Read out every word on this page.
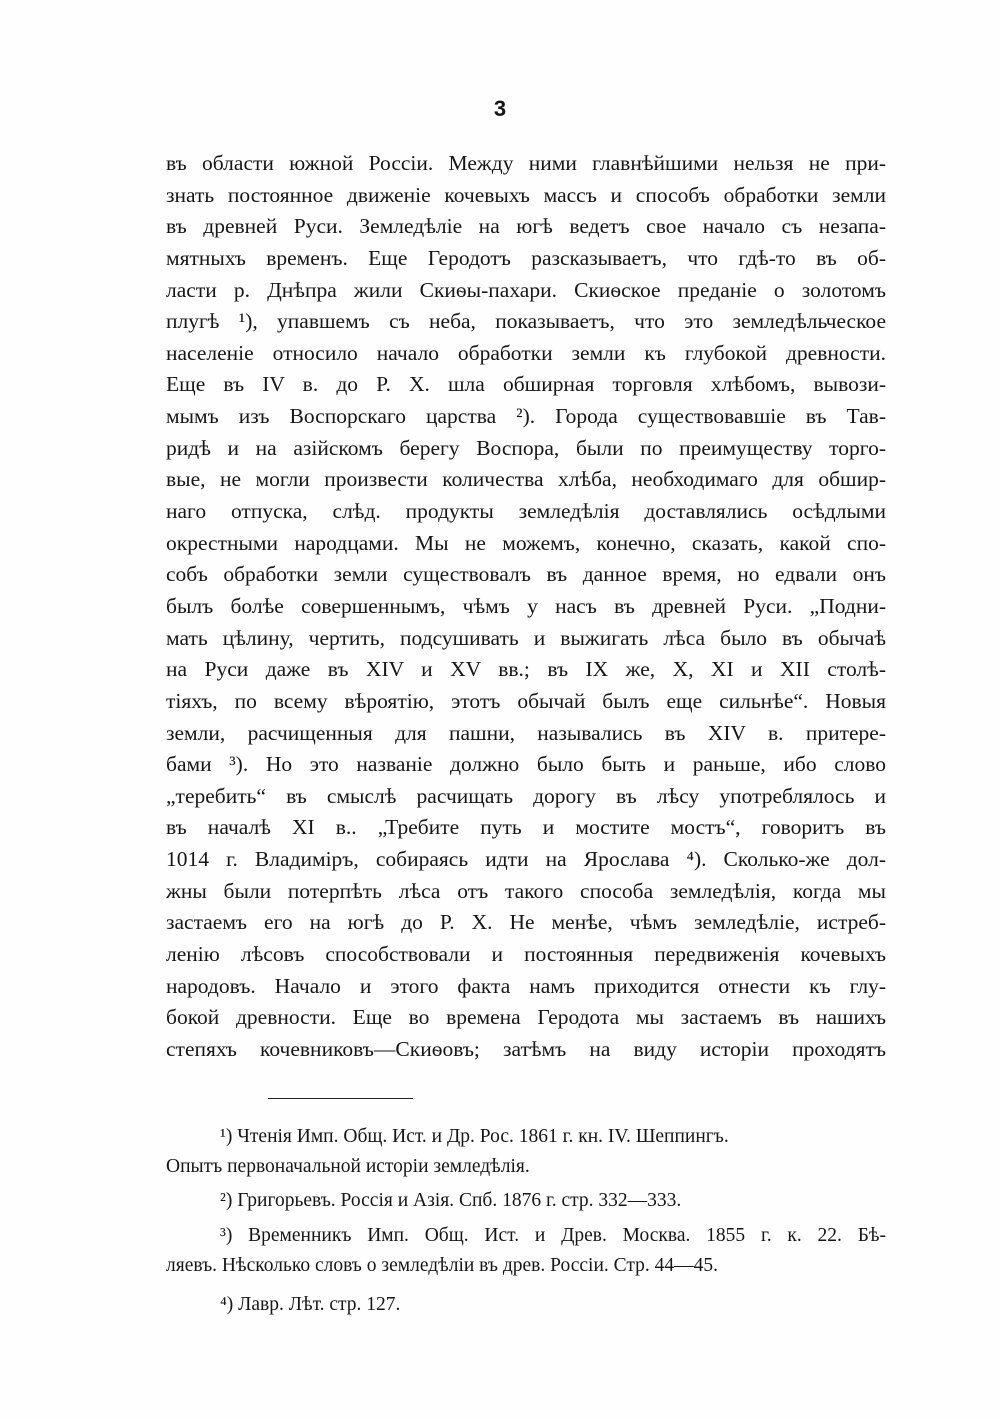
3
въ области южной Россіи. Между ними главнѣйшими нельзя не при-
знать постоянное движеніе кочевыхъ массъ и способъ обработки земли
въ древней Руси. Земледѣліе на югѣ ведетъ свое начало съ незапа-
мятныхъ временъ. Еще Геродотъ разсказываетъ, что гдѣ-то въ об-
ласти р. Днѣпра жили Скиѳы-пахари. Скиѳское преданіе о золотомъ
плугѣ ¹), упавшемъ съ неба, показываетъ, что это земледѣльческое
населеніе относило начало обработки земли къ глубокой древности.
Еще въ IV в. до Р. Х. шла обширная торговля хлѣбомъ, вывози-
мымъ изъ Воспорскаго царства ²). Города существовавшіе въ Тав-
ридѣ и на азійскомъ берегу Воспора, были по преимуществу торго-
вые, не могли произвести количества хлѣба, необходимаго для обшир-
наго отпуска, слѣд. продукты земледѣлія доставлялись осѣдлыми
окрестными народцами. Мы не можемъ, конечно, сказать, какой спо-
собъ обработки земли существовалъ въ данное время, но едвали онъ
былъ болѣе совершеннымъ, чѣмъ у насъ въ древней Руси. „Подни-
мать цѣлину, чертить, подсушивать и выжигать лѣса было въ обычаѣ
на Руси даже въ XIV и XV вв.; въ IX же, X, XI и XII столѣ-
тіяхъ, по всему вѣроятію, этотъ обычай былъ еще сильнѣе“. Новыя
земли, расчищенныя для пашни, назывались въ XIV в. притере-
бами ³). Но это названіе должно было быть и раньше, ибо слово
„теребить“ въ смыслѣ расчищать дорогу въ лѣсу употреблялось и
въ началѣ XI в.. „Требите путь и мостите мостъ“, говоритъ въ
1014 г. Владиміръ, собираясь идти на Ярослава ⁴). Сколько-же дол-
жны были потерпѣть лѣса отъ такого способа земледѣлія, когда мы
застаемъ его на югѣ до Р. Х. Не менѣе, чѣмъ земледѣліе, истреб-
ленію лѣсовъ способствовали и постоянныя передвиженія кочевыхъ
народовъ. Начало и этого факта намъ приходится отнести къ глу-
бокой древности. Еще во времена Геродота мы застаемъ въ нашихъ
степяхъ кочевниковъ—Скиѳовъ; затѣмъ на виду исторіи проходятъ
¹) Чтенія Имп. Общ. Ист. и Др. Рос. 1861 г. кн. IV. Шеппингъ.
Опытъ первоначальной исторіи земледѣлія.
²) Григорьевъ. Россія и Азія. Спб. 1876 г. стр. 332—333.
³) Временникъ Имп. Общ. Ист. и Древ. Москва. 1855 г. к. 22. Бѣ-
ляевъ. Нѣсколько словъ о земледѣліи въ древ. Россіи. Стр. 44—45.
⁴) Лавр. Лѣт. стр. 127.
